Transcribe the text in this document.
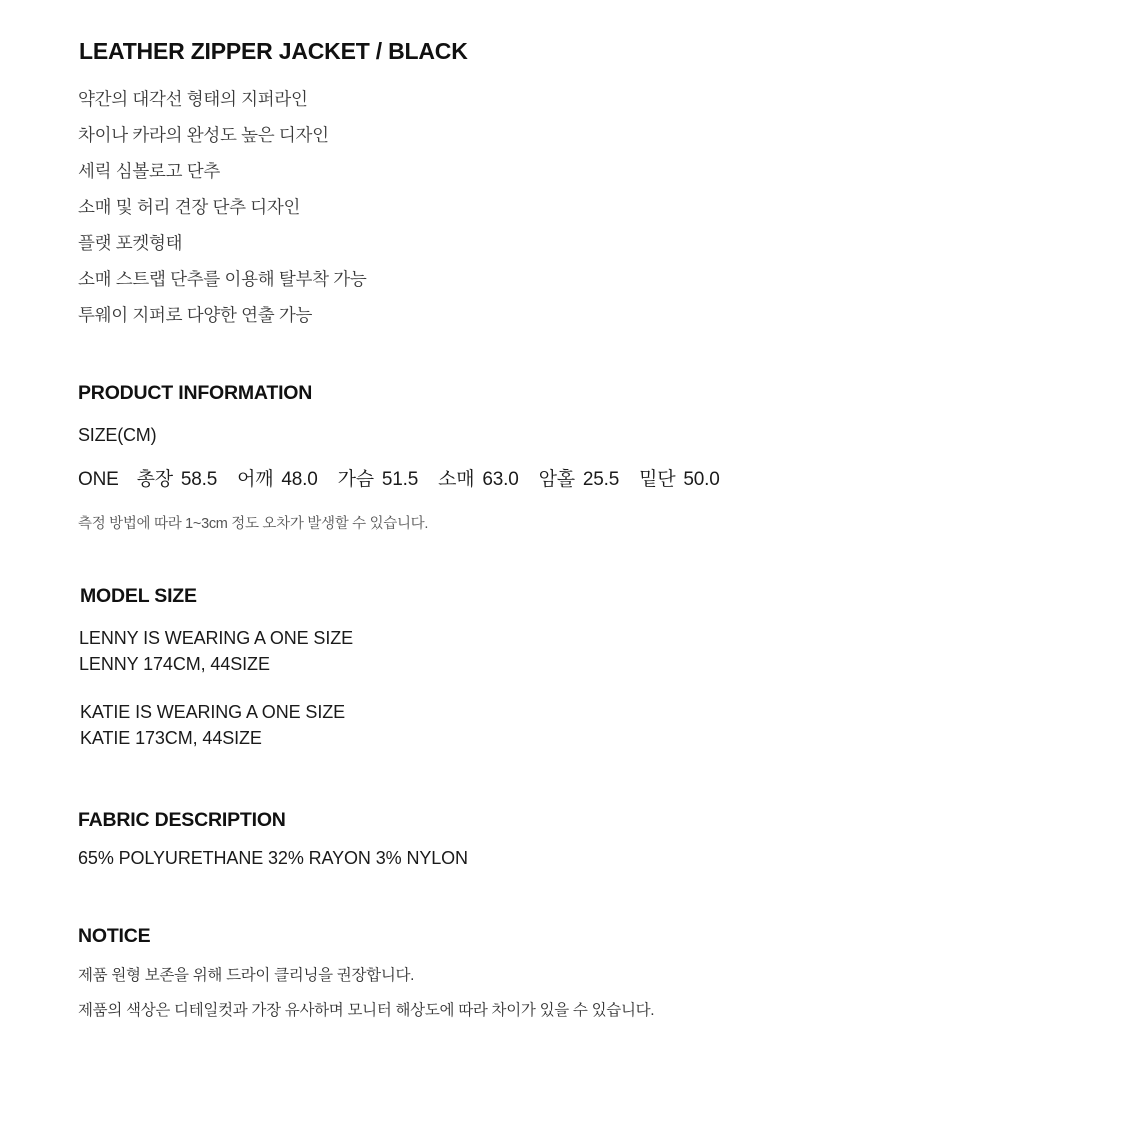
LEATHER ZIPPER JACKET / BLACK
약간의 대각선 형태의 지퍼라인
차이나 카라의 완성도 높은 디자인
세릭 심볼로고 단추
소매 및 허리 견장 단추 디자인
플랫 포켓형태
소매 스트랩 단추를 이용해 탈부착 가능
투웨이 지퍼로 다양한 연출 가능
PRODUCT INFORMATION
SIZE(CM)
ONE 총장 58.5 어깨 48.0 가슴 51.5 소매 63.0 암홀 25.5 밑단 50.0
측정 방법에 따라 1~3cm 정도 오차가 발생할 수 있습니다.
MODEL SIZE
LENNY IS WEARING A ONE SIZE
LENNY 174CM, 44SIZE
KATIE IS WEARING A ONE SIZE
KATIE 173CM, 44SIZE
FABRIC DESCRIPTION
65% POLYURETHANE 32% RAYON 3% NYLON
NOTICE
제품 원형 보존을 위해 드라이 클리닝을 권장합니다.
제품의 색상은 디테일컷과 가장 유사하며 모니터 해상도에 따라 차이가 있을 수 있습니다.
